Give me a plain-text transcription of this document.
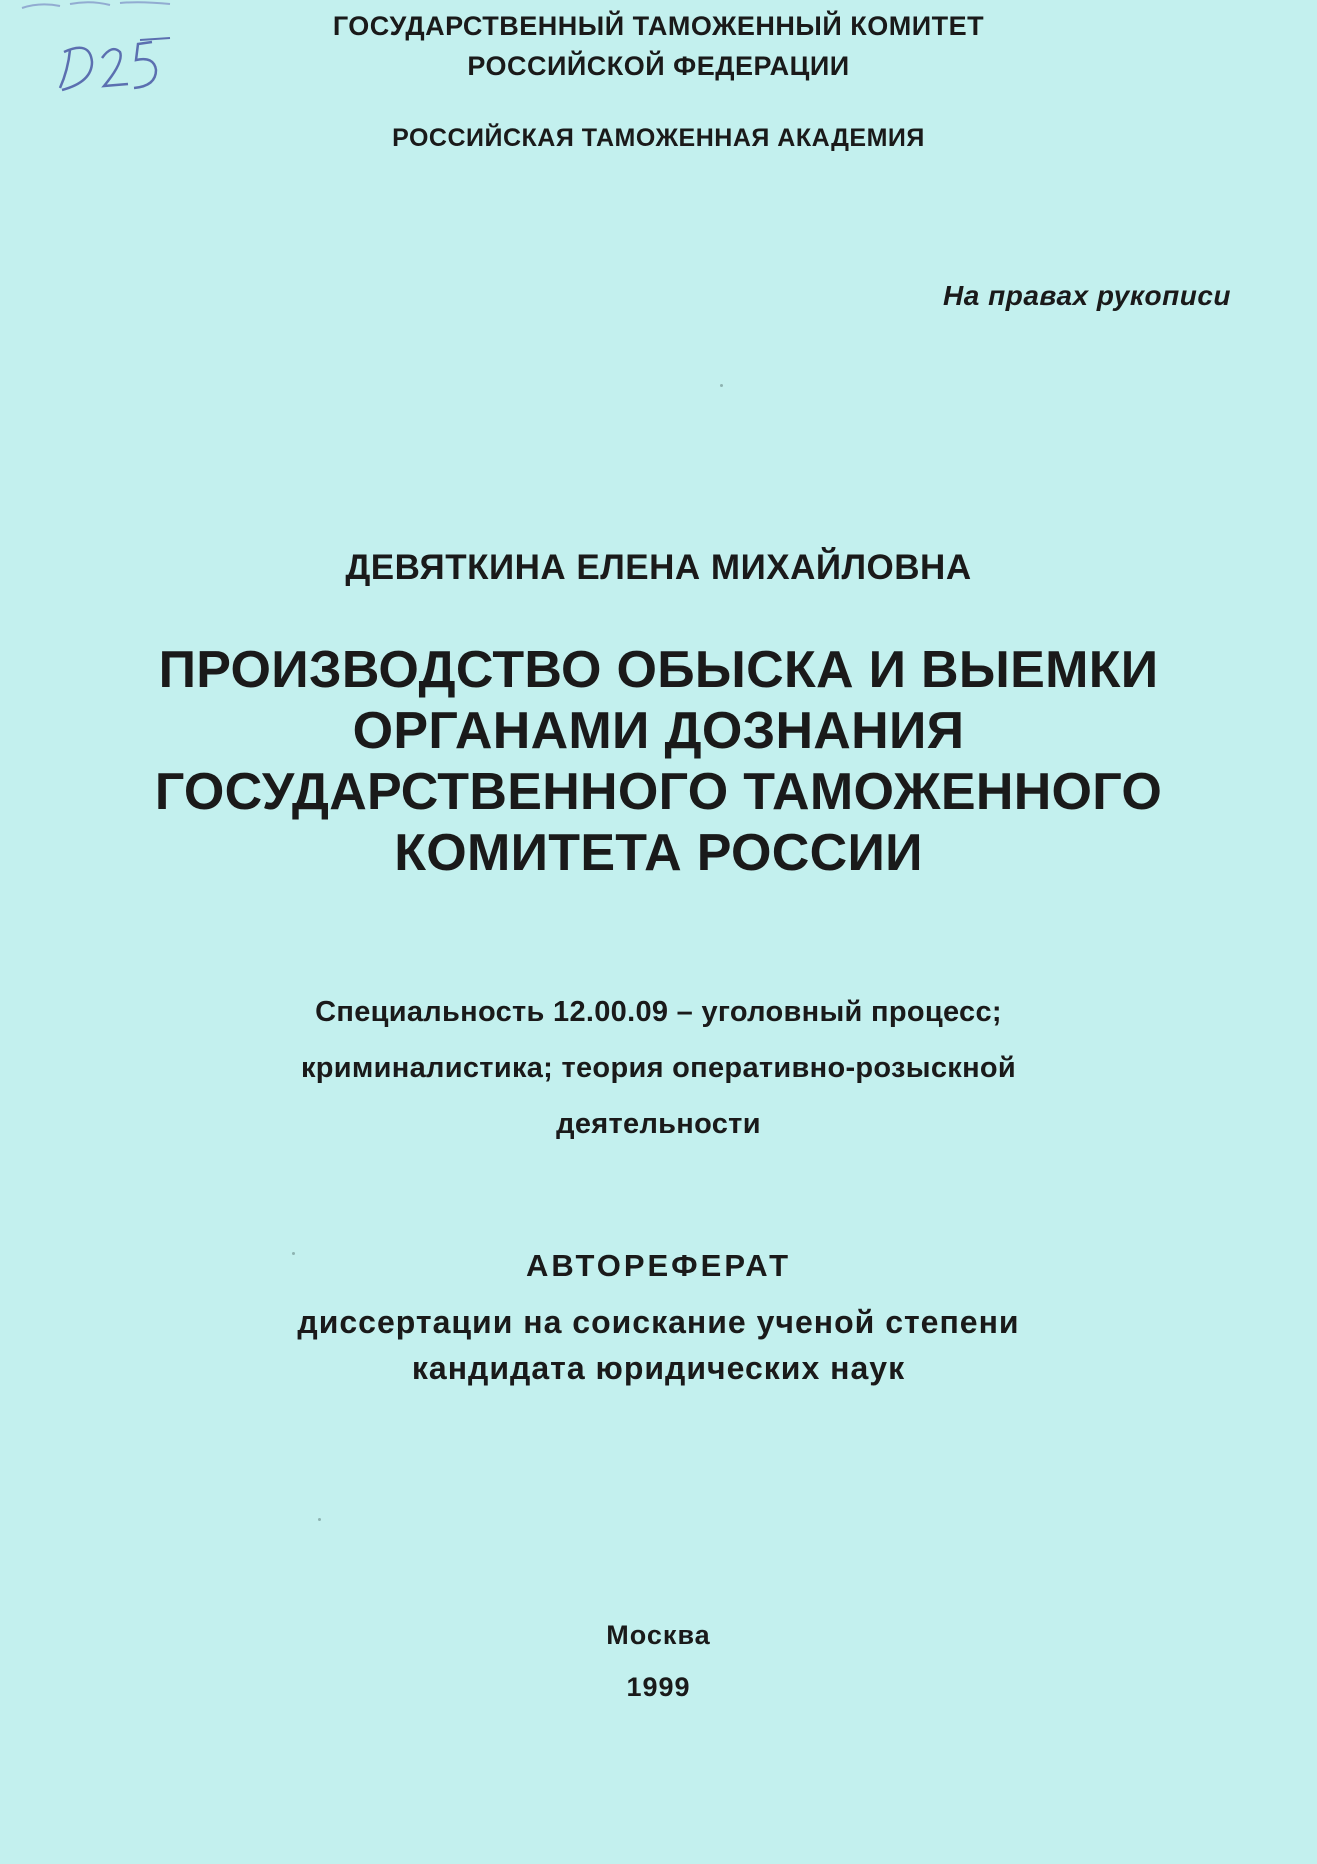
ГОСУДАРСТВЕННЫЙ ТАМОЖЕННЫЙ КОМИТЕТ
РОССИЙСКОЙ ФЕДЕРАЦИИ
РОССИЙСКАЯ ТАМОЖЕННАЯ АКАДЕМИЯ
На правах рукописи
ДЕВЯТКИНА ЕЛЕНА МИХАЙЛОВНА
ПРОИЗВОДСТВО ОБЫСКА И ВЫЕМКИ
ОРГАНАМИ ДОЗНАНИЯ
ГОСУДАРСТВЕННОГО ТАМОЖЕННОГО
КОМИТЕТА РОССИИ
Специальность 12.00.09 – уголовный процесс;
криминалистика; теория оперативно-розыскной
деятельности
АВТОРЕФЕРАТ
диссертации на соискание ученой степени
кандидата юридических наук
Москва
1999
